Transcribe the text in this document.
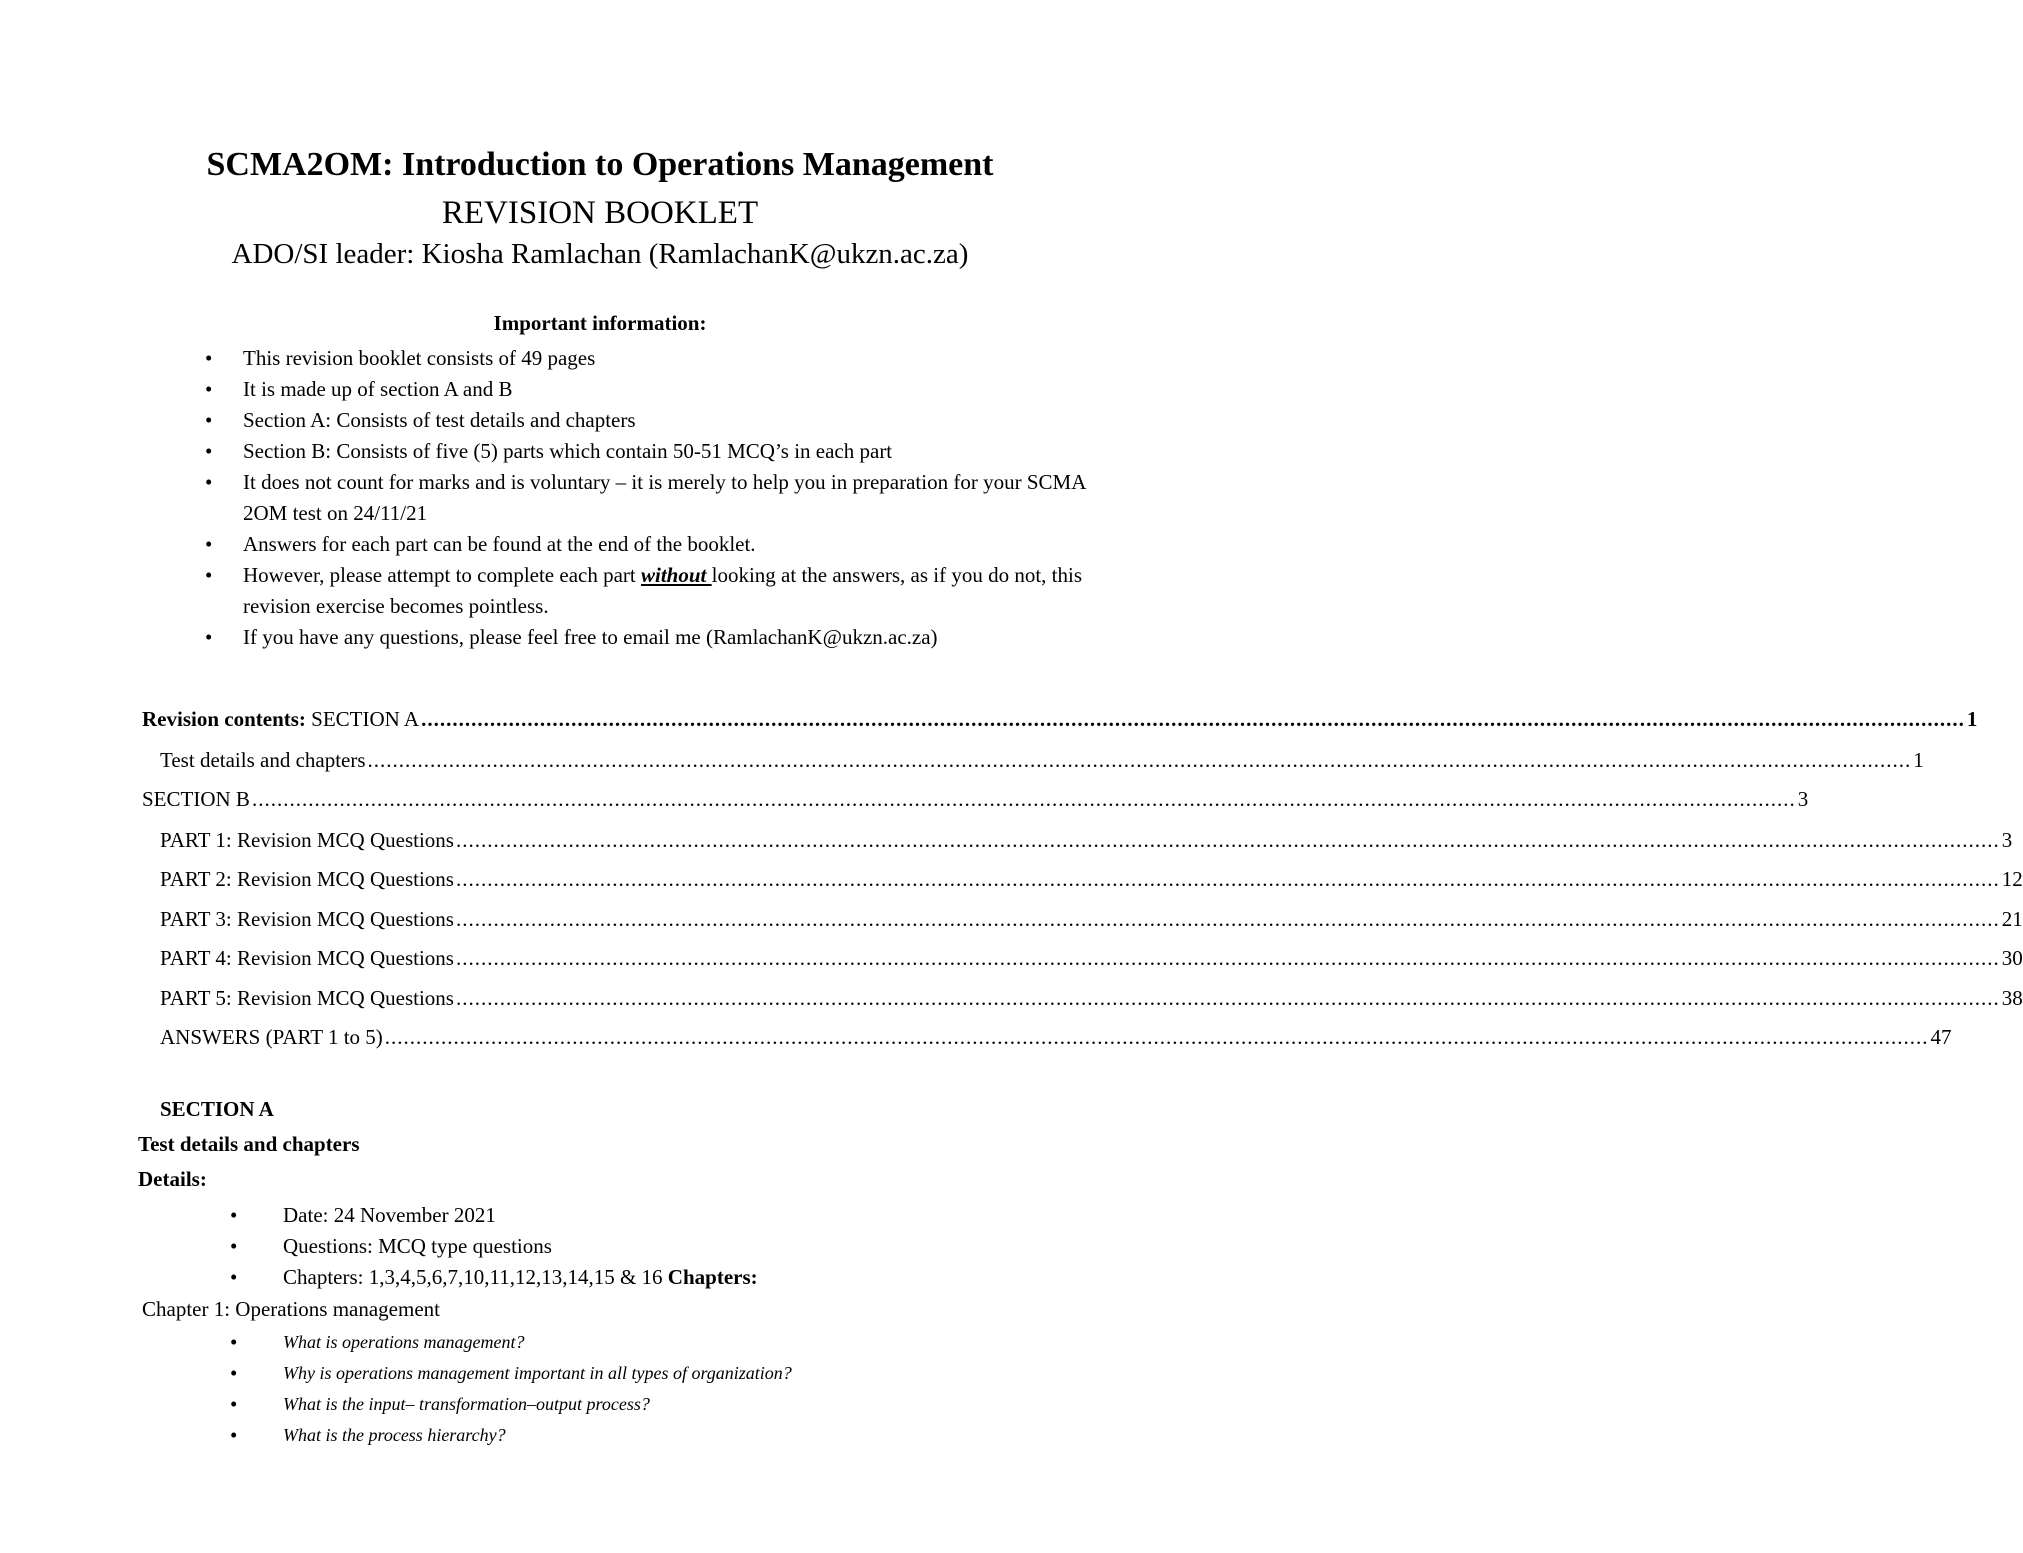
SCMA2OM: Introduction to Operations Management
REVISION BOOKLET
ADO/SI leader: Kiosha Ramlachan (RamlachanK@ukzn.ac.za)
Important information:
• This revision booklet consists of 49 pages
• It is made up of section A and B
• Section A: Consists of test details and chapters
• Section B: Consists of five (5) parts which contain 50-51 MCQ’s in each part
• It does not count for marks and is voluntary – it is merely to help you in preparation for your SCMA 2OM test on 24/11/21
• Answers for each part can be found at the end of the booklet.
• However, please attempt to complete each part without looking at the answers, as if you do not, this revision exercise becomes pointless.
• If you have any questions, please feel free to email me (RamlachanK@ukzn.ac.za)
Revision contents: SECTION A ....................................................................................................................................................................................................................................................... 1
Test details and chapters ....................................................................................................................................................................................................................................................... 1
SECTION B ....................................................................................................................................................................................................................................................... 3
PART 1: Revision MCQ Questions ....................................................................................................................................................................................................................................................... 3
PART 2: Revision MCQ Questions ....................................................................................................................................................................................................................................................... 12
PART 3: Revision MCQ Questions ....................................................................................................................................................................................................................................................... 21
PART 4: Revision MCQ Questions ....................................................................................................................................................................................................................................................... 30
PART 5: Revision MCQ Questions ....................................................................................................................................................................................................................................................... 38
ANSWERS (PART 1 to 5) ....................................................................................................................................................................................................................................................... 47
SECTION A
Test details and chapters
Details:
• Date: 24 November 2021
• Questions: MCQ type questions
• Chapters: 1,3,4,5,6,7,10,11,12,13,14,15 & 16 Chapters:
Chapter 1: Operations management
•	What is operations management?
•	Why is operations management important in all types of organization?
•	What is the input– transformation–output process?
•	What is the process hierarchy?
